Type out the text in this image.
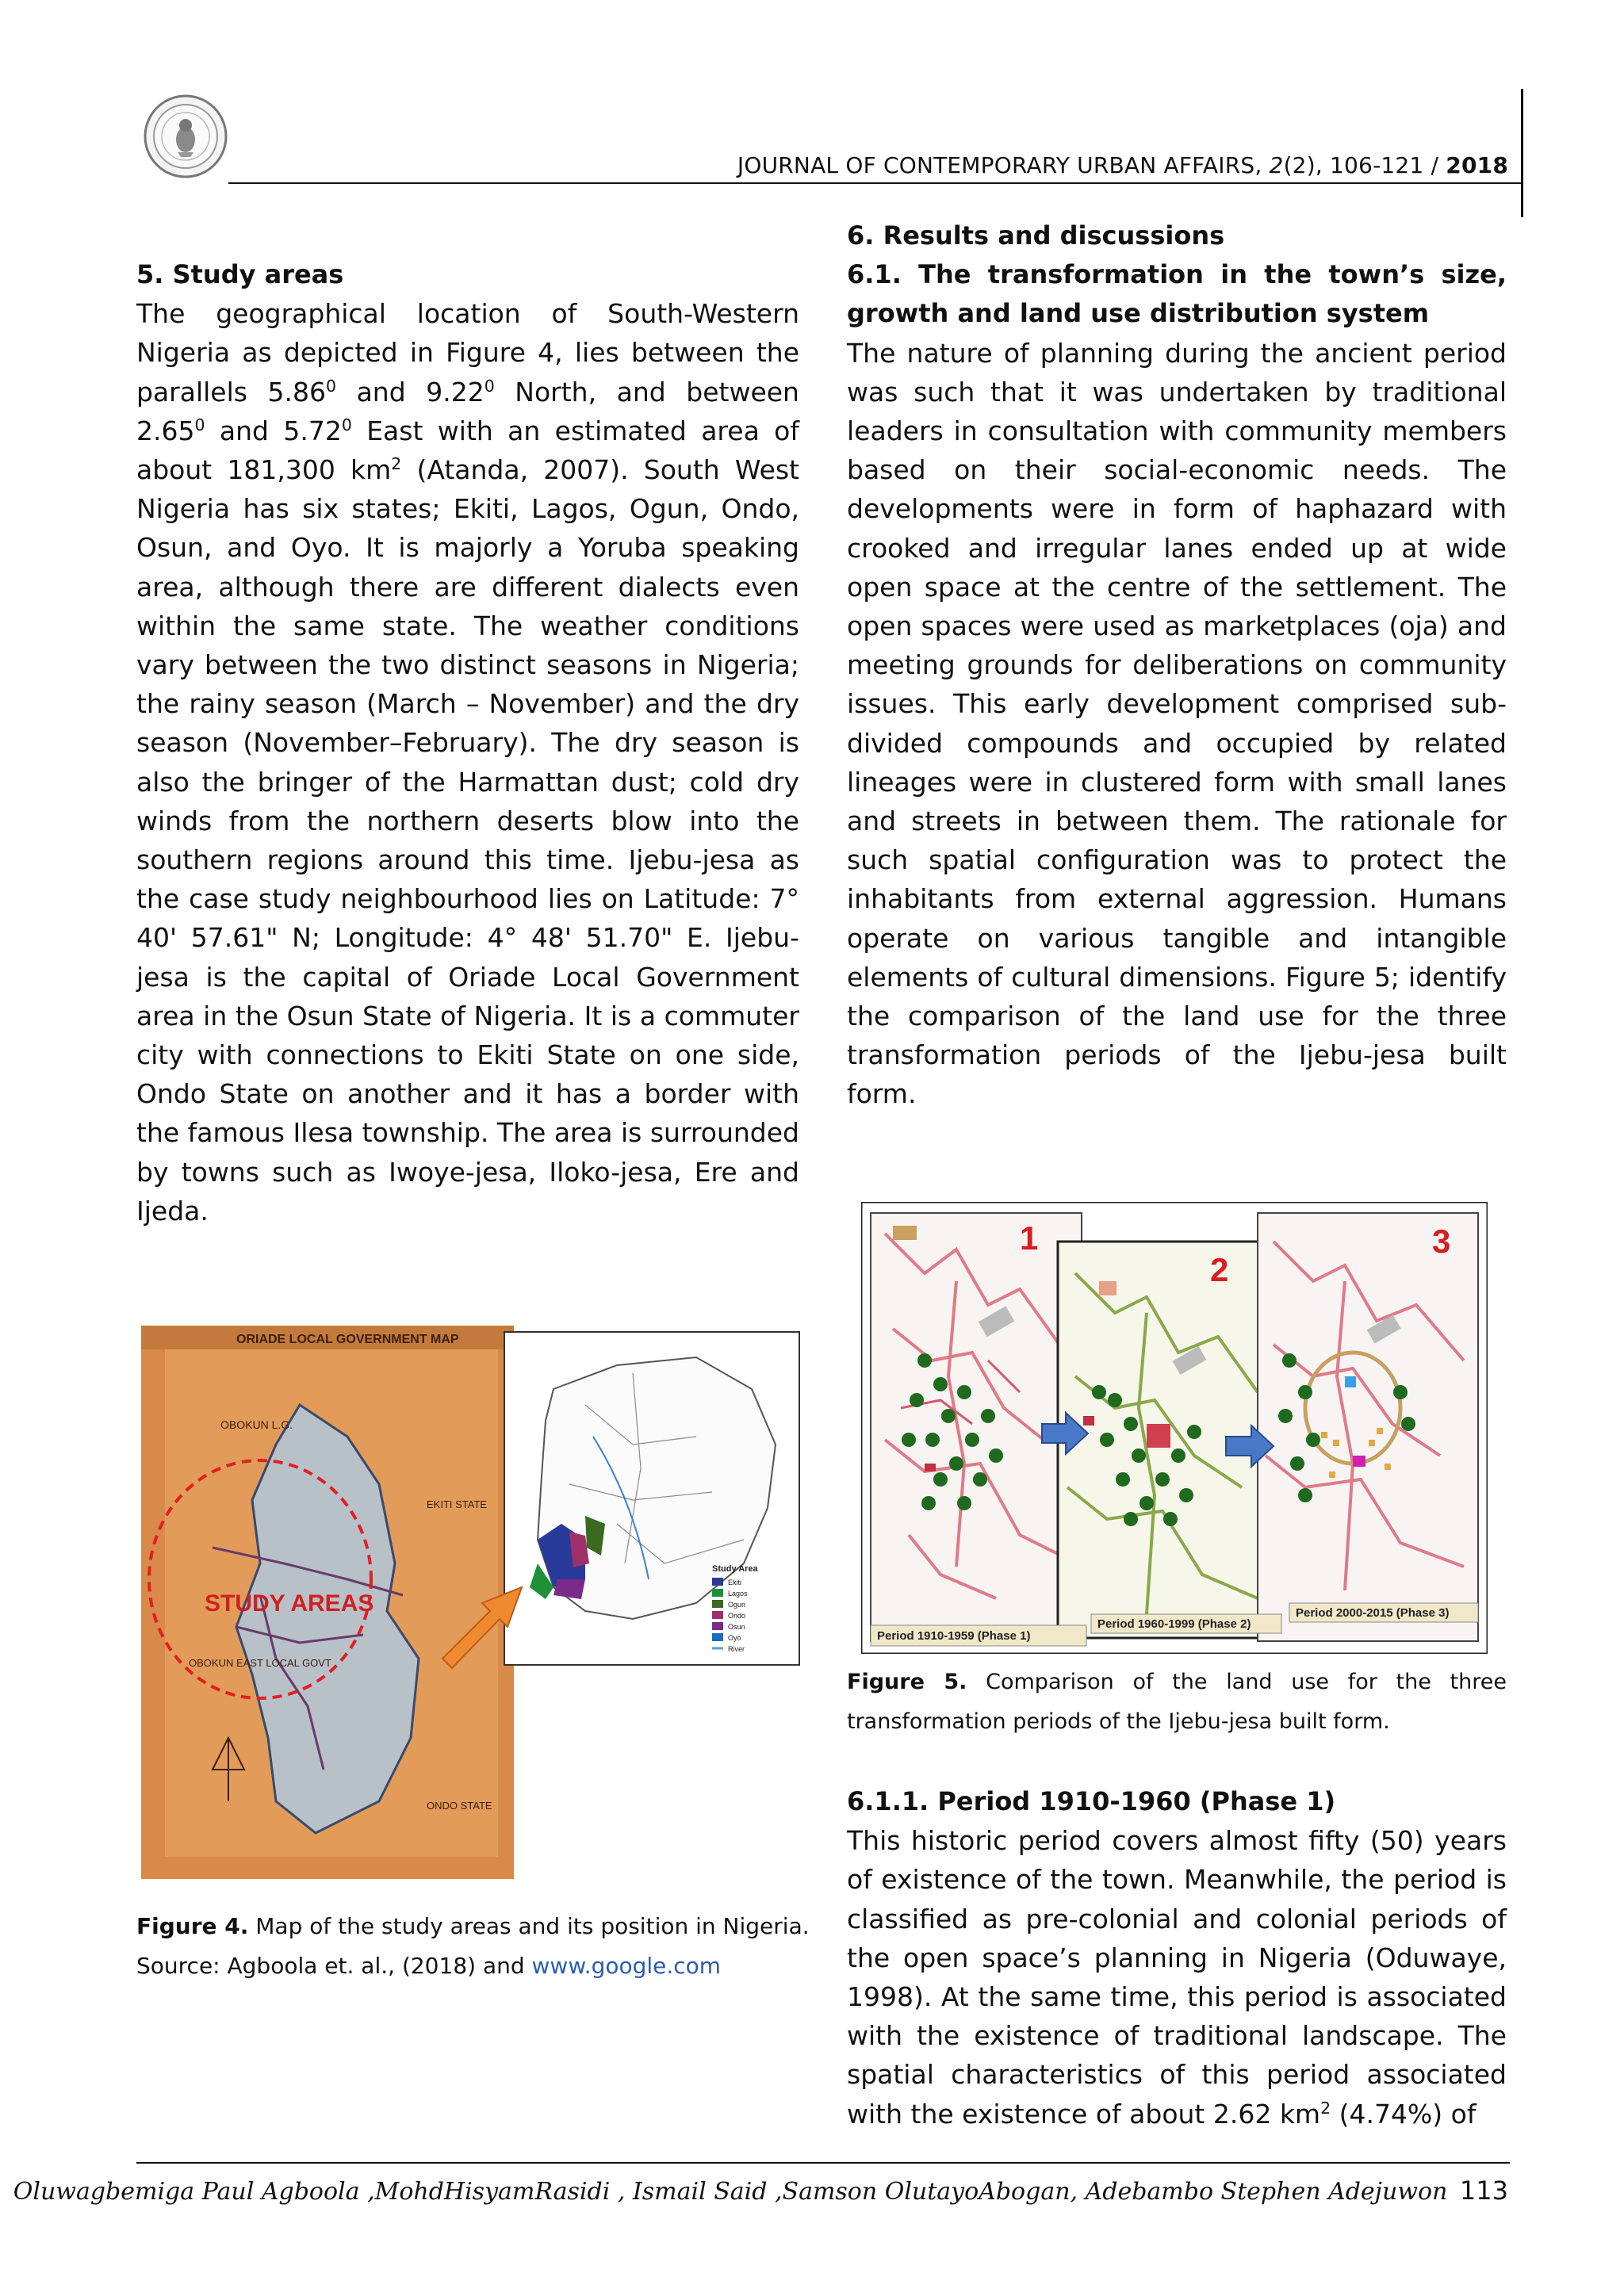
JOURNAL OF CONTEMPORARY URBAN AFFAIRS, 2(2), 106-121 / 2018
5. Study areas

The geographical location of South-Western Nigeria as depicted in Figure 4, lies between the parallels 5.86$^0$ and 9.22$^0$ North, and between 2.65$^0$ and 5.72$^0$ East with an estimated area of about 181,300 $km^2$ (Atanda, 2007). South West Nigeria has six states; Ekiti, Lagos, Ogun, Ondo, Osun, and Oyo. It is majorly a Yoruba speaking area, although there are different dialects even within the same state. The weather conditions vary between the two distinct seasons in Nigeria; the rainy season (March – November) and the dry season (November–February). The dry season is also the bringer of the Harmattan dust; cold dry winds from the northern deserts blow into the southern regions around this time. Ijebu-jesa as the case study neighbourhood lies on Latitude: 7° 40' 57.61" N; Longitude: 4° 48' 51.70" E. Ijebu-jesa is the capital of Oriade Local Government area in the Osun State of Nigeria. It is a commuter city with connections to Ekiti State on one side, Ondo State on another and it has a border with the famous Ilesa township. The area is surrounded by towns such as Iwoye-jesa, Iloko-jesa, Ere and Ijeda.

6. Results and discussions
6.1. The transformation in the town’s size, growth and land use distribution system

The nature of planning during the ancient period was such that it was undertaken by traditional leaders in consultation with community members based on their social-economic needs. The developments were in form of haphazard with crooked and irregular lanes ended up at wide open space at the centre of the settlement. The open spaces were used as marketplaces (oja) and meeting grounds for deliberations on community issues. This early development comprised sub-divided compounds and occupied by related lineages were in clustered form with small lanes and streets in between them. The rationale for such spatial configuration was to protect the inhabitants from external aggression. Humans operate on various tangible and intangible elements of cultural dimensions. Figure 5; identify the comparison of the land use for the three transformation periods of the Ijebu-jesa built form.

1
2
3
Period 1910-1959 (Phase 1)
Period 1960-1999 (Phase 2)
Period 2000-2015 (Phase 3)
Figure 5. Comparison of the land use for the three transformation periods of the Ijebu-jesa built form.
6.1.1. Period 1910-1960 (Phase 1)

This historic period covers almost fifty (50) years of existence of the town. Meanwhile, the period is classified as pre-colonial and colonial periods of the open space’s planning in Nigeria (Oduwaye, 1998). At the same time, this period is associated with the existence of traditional landscape. The spatial characteristics of this period associated with the existence of about 2.62 $km^2$ (4.74%) of

ORIADE LOCAL GOVERNMENT MAP
STUDY AREAS
OBOKUN L.G.
EKITI STATE
OBOKUN EAST LOCAL GOVT
ONDO STATE
Study Area
Ekiti
Lagos
Ogun
Ondo
Osun
Oyo
River
Figure 4. Map of the study areas and its position in Nigeria.
Source: Agboola et. al., (2018) and www.google.com
Oluwagbemiga Paul Agboola ,MohdHisyamRasidi , Ismail Said ,Samson OlutayoAbogan, Adebambo Stephen Adejuwon 113
